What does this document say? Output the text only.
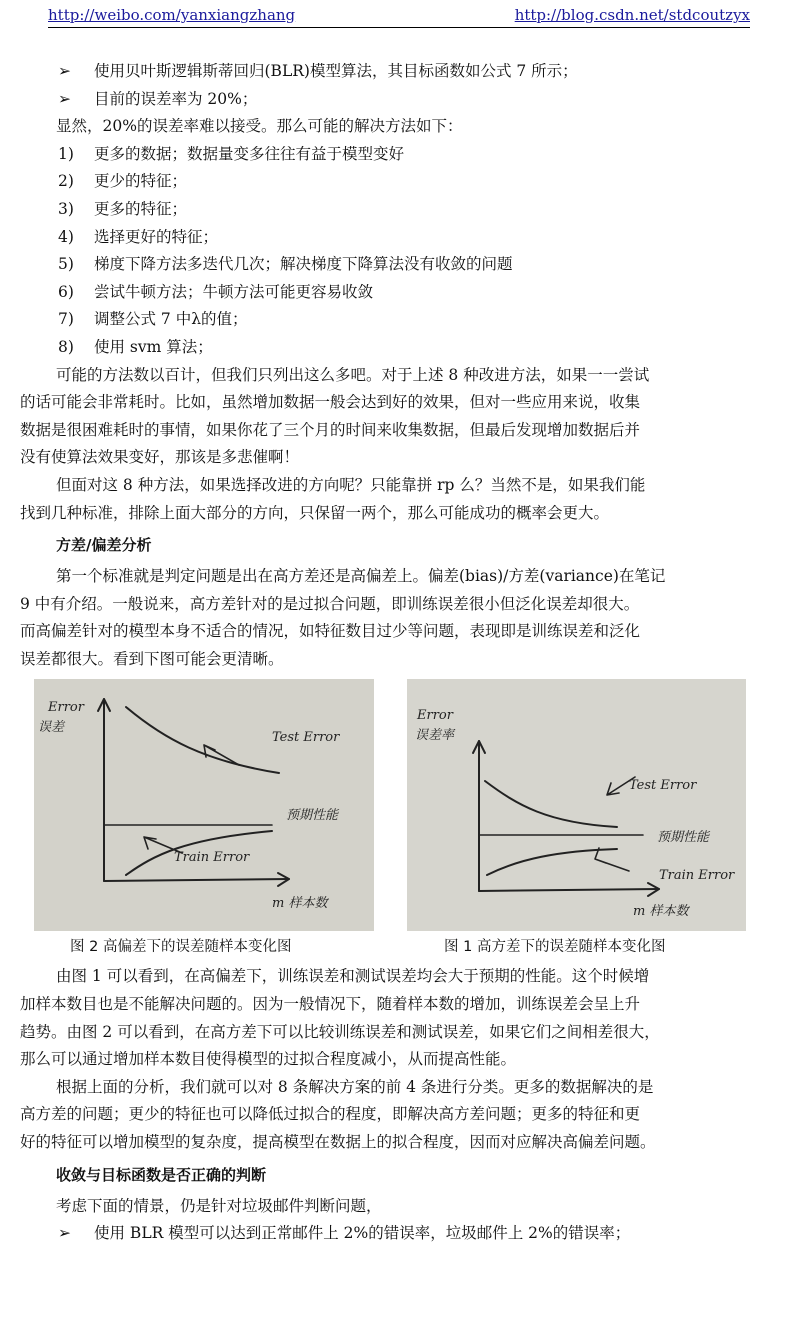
http://weibo.com/yanxiangzhang	http://blog.csdn.net/stdcoutzyx
➢ 使用贝叶斯逻辑斯蒂回归(BLR)模型算法，其目标函数如公式 7 所示；
➢ 目前的误差率为 20%；
显然，20%的误差率难以接受。那么可能的解决方法如下：
1) 更多的数据；数据量变多往往有益于模型变好
2) 更少的特征；
3) 更多的特征；
4) 选择更好的特征；
5) 梯度下降方法多迭代几次；解决梯度下降算法没有收敛的问题
6) 尝试牛顿方法；牛顿方法可能更容易收敛
7) 调整公式 7 中λ的值；
8) 使用 svm 算法；
可能的方法数以百计，但我们只列出这么多吧。对于上述 8 种改进方法，如果一一尝试
的话可能会非常耗时。比如，虽然增加数据一般会达到好的效果，但对一些应用来说，收集
数据是很困难耗时的事情，如果你花了三个月的时间来收集数据，但最后发现增加数据后并
没有使算法效果变好，那该是多悲催啊！
但面对这 8 种方法，如果选择改进的方向呢？只能靠拼 rp 么？当然不是，如果我们能
找到几种标准，排除上面大部分的方向，只保留一两个，那么可能成功的概率会更大。
方差/偏差分析
第一个标准就是判定问题是出在高方差还是高偏差上。偏差(bias)/方差(variance)在笔记
9 中有介绍。一般说来，高方差针对的是过拟合问题，即训练误差很小但泛化误差却很大。
而高偏差针对的模型本身不适合的情况，如特征数目过少等问题，表现即是训练误差和泛化
误差都很大。看到下图可能会更清晰。
Error
误差
Test Error
Train Error
预期性能
m 样本数
Error
误差率
Test Error
Train Error
预期性能
m 样本数
图 2 高偏差下的误差随样本变化图	图 1 高方差下的误差随样本变化图
由图 1 可以看到，在高偏差下，训练误差和测试误差均会大于预期的性能。这个时候增
加样本数目也是不能解决问题的。因为一般情况下，随着样本数的增加，训练误差会呈上升
趋势。由图 2 可以看到，在高方差下可以比较训练误差和测试误差，如果它们之间相差很大，
那么可以通过增加样本数目使得模型的过拟合程度减小，从而提高性能。
根据上面的分析，我们就可以对 8 条解决方案的前 4 条进行分类。更多的数据解决的是
高方差的问题；更少的特征也可以降低过拟合的程度，即解决高方差问题；更多的特征和更
好的特征可以增加模型的复杂度，提高模型在数据上的拟合程度，因而对应解决高偏差问题。
收敛与目标函数是否正确的判断
考虑下面的情景，仍是针对垃圾邮件判断问题，
➢ 使用 BLR 模型可以达到正常邮件上 2%的错误率，垃圾邮件上 2%的错误率；
